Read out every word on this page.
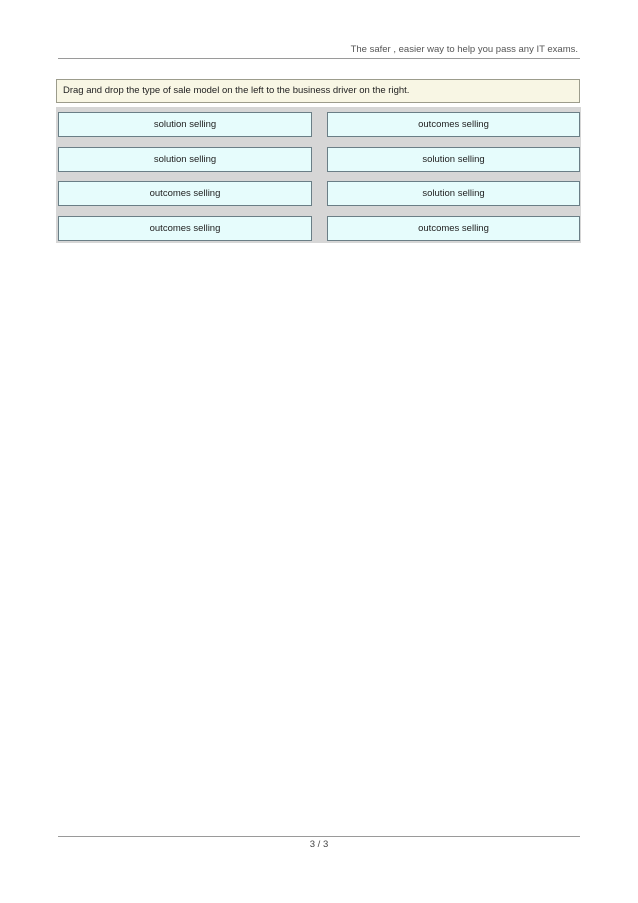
The safer , easier way to help you pass any IT exams.
Drag and drop the type of sale model on the left to the business driver on the right.
solution selling
solution selling
outcomes selling
outcomes selling
outcomes selling
solution selling
solution selling
outcomes selling
3 / 3
